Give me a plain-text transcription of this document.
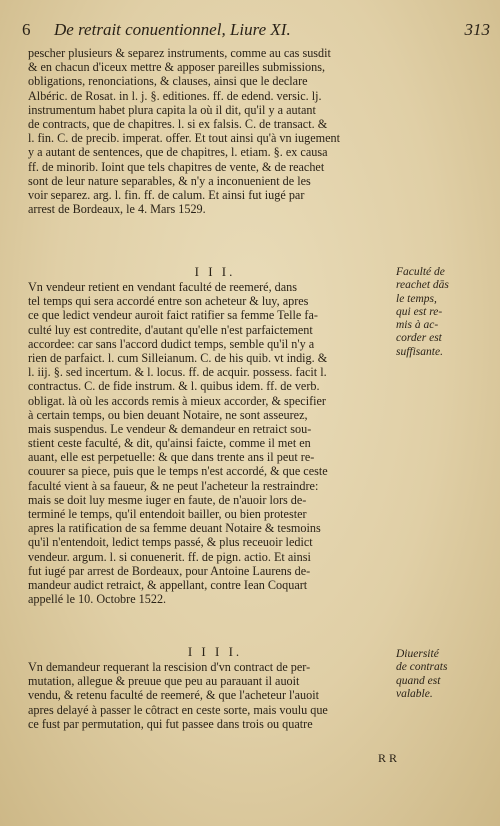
6	De retrait conuentionnel, Liure XI.	313
pescher plusieurs & separez instruments, comme au cas susdit
& en chacun d'iceux mettre & apposer pareilles submissions,
obligations, renonciations, & clauses, ainsi que le declare
Albéric. de Rosat. in l. j. §. editiones. ff. de edend. versic. lj.
instrumentum habet plura capita la où il dit, qu'il y a autant
de contracts, que de chapitres. l. si ex falsis. C. de transact. &
l. fin. C. de precib. imperat. offer. Et tout ainsi qu'à vn iugement
y a autant de sentences, que de chapitres, l. etiam. §. ex causa
ff. de minorib. Ioint que tels chapitres de vente, & de reachet
sont de leur nature separables, & n'y a inconuenient de les
voir separez. arg. l. fin. ff. de calum. Et ainsi fut iugé par
arrest de Bordeaux, le 4. Mars 1529.
I I I.
Vn vendeur retient en vendant faculté de reemeré, dans
tel temps qui sera accordé entre son acheteur & luy, apres
ce que ledict vendeur auroit faict ratifier sa femme Telle fa-
culté luy est contredite, d'autant qu'elle n'est parfaictement
accordee: car sans l'accord dudict temps, semble qu'il n'y a
rien de parfaict. l. cum Silleianum. C. de his quib. vt indig. &
l. iij. §. sed incertum. & l. locus. ff. de acquir. possess. facit l.
contractus. C. de fide instrum. & l. quibus idem. ff. de verb.
obligat. là où les accords remis à mieux accorder, & specifier
à certain temps, ou bien deuant Notaire, ne sont asseurez,
mais suspendus. Le vendeur & demandeur en retraict sou-
stient ceste faculté, & dit, qu'ainsi faicte, comme il met en
auant, elle est perpetuelle: & que dans trente ans il peut re-
couurer sa piece, puis que le temps n'est accordé, & que ceste
faculté vient à sa faueur, & ne peut l'acheteur la restraindre:
mais se doit luy mesme iuger en faute, de n'auoir lors de-
terminé le temps, qu'il entendoit bailler, ou bien protester
apres la ratification de sa femme deuant Notaire & tesmoins
qu'il n'entendoit, ledict temps passé, & plus receuoir ledict
vendeur. argum. l. si conuenerit. ff. de pign. actio. Et ainsi
fut iugé par arrest de Bordeaux, pour Antoine Laurens de-
mandeur audict retraict, & appellant, contre Iean Coquart
appellé le 10. Octobre 1522.
Faculté de
reachet dās
le temps,
qui est re-
mis à ac-
corder est
suffisante.
I I I I.
Vn demandeur requerant la rescision d'vn contract de per-
mutation, allegue & preuue que peu au parauant il auoit
vendu, & retenu faculté de reemeré, & que l'acheteur l'auoit
apres delayé à passer le côtract en ceste sorte, mais voulu que
ce fust par permutation, qui fut passee dans trois ou quatre
Diuersité
de contrats
quand est
valable.
R R
